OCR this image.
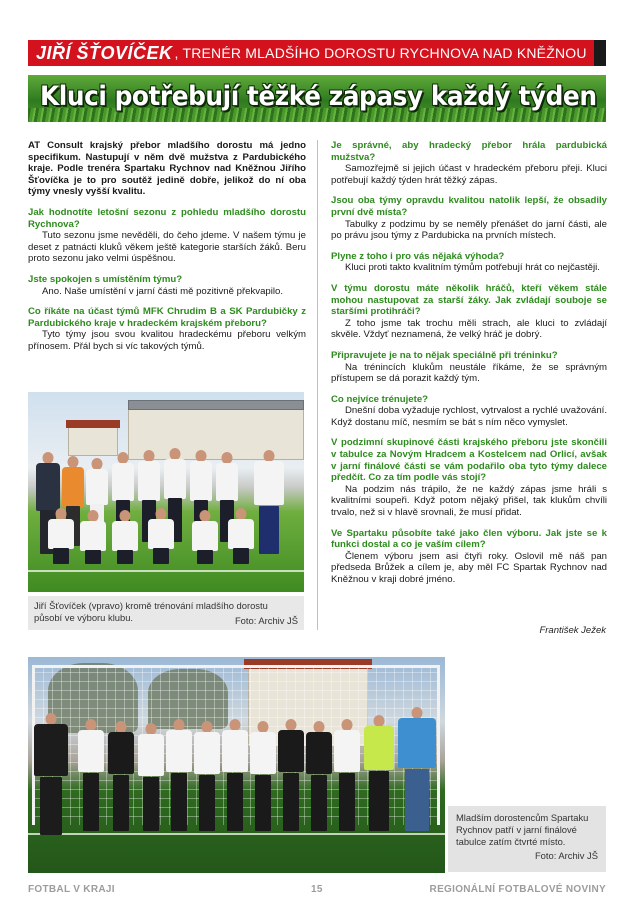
JIŘÍ ŠŤOVÍČEK , TRENÉR MLADŠÍHO DOROSTU RYCHNOVA NAD KNĚŽNOU
Kluci potřebují těžké zápasy každý týden

AT Consult krajský přebor mladšího dorostu má jedno specifikum. Nastupují v něm dvě mužstva z Pardubického kraje. Podle trenéra Spartaku Rychnov nad Kněžnou Jiřího Šťovíčka je to pro soutěž jedině dobře, jelikož do ní oba týmy vnesly vyšší kvalitu.

Jak hodnotíte letošní sezonu z pohledu mladšího dorostu Rychnova?
Tuto sezonu jsme nevěděli, do čeho jdeme. V našem týmu je deset z patnácti kluků věkem ještě kategorie starších žáků. Beru proto sezonu jako velmi úspěšnou.

Jste spokojen s umístěním týmu?
Ano. Naše umístění v jarní části mě pozitivně překvapilo.

Co říkáte na účast týmů MFK Chrudim B a SK Pardubičky z Pardubického kraje v hradeckém krajském přeboru?
Tyto týmy jsou svou kvalitou hradeckému přeboru velkým přínosem. Přál bych si víc takových týmů.

Je správné, aby hradecký přebor hrála pardubická mužstva?
Samozřejmě si jejich účast v hradeckém přeboru přeji. Kluci potřebují každý týden hrát těžký zápas.

Jsou oba týmy opravdu kvalitou natolik lepší, že obsadily první dvě místa?
Tabulky z podzimu by se neměly přenášet do jarní části, ale po právu jsou týmy z Pardubicka na prvních místech.

Plyne z toho i pro vás nějaká výhoda?
Kluci proti takto kvalitním týmům potřebují hrát co nejčastěji.

V týmu dorostu máte několik hráčů, kteří věkem stále mohou nastupovat za starší žáky. Jak zvládají souboje se staršími protihráči?
Z toho jsme tak trochu měli strach, ale kluci to zvládají skvěle. Vždyť neznamená, že velký hráč je dobrý.

Připravujete je na to nějak speciálně při tréninku?
Na trénincích klukům neustále říkáme, že se správným přístupem se dá porazit každý tým.

Co nejvíce trénujete?
Dnešní doba vyžaduje rychlost, vytrvalost a rychlé uvažování. Když dostanu míč, nesmím se bát s ním něco vymyslet.

V podzimní skupinové části krajského přeboru jste skončili v tabulce za Novým Hradcem a Kostelcem nad Orlicí, avšak v jarní finálové části se vám podařilo oba tyto týmy dalece předčít. Co za tím podle vás stojí?
Na podzim nás trápilo, že ne každý zápas jsme hráli s kvalitními soupeři. Když potom nějaký přišel, tak klukům chvíli trvalo, než si v hlavě srovnali, že musí přidat.

Ve Spartaku působíte také jako člen výboru. Jak jste se k funkci dostal a co je vaším cílem?
Členem výboru jsem asi čtyři roky. Oslovil mě náš pan předseda Brůžek a cílem je, aby měl FC Spartak Rychnov nad Kněžnou v kraji dobré jméno.

František Ježek
Jiří Šťovíček (vpravo) kromě trénování mladšího dorostu působí ve výboru klubu.	Foto: Archiv JŠ
Mladším dorostencům Spartaku Rychnov patří v jarní finálové tabulce zatím čtvrté místo.
Foto: Archiv JŠ
FOTBAL V KRAJI	15	REGIONÁLNÍ FOTBALOVÉ NOVINY
